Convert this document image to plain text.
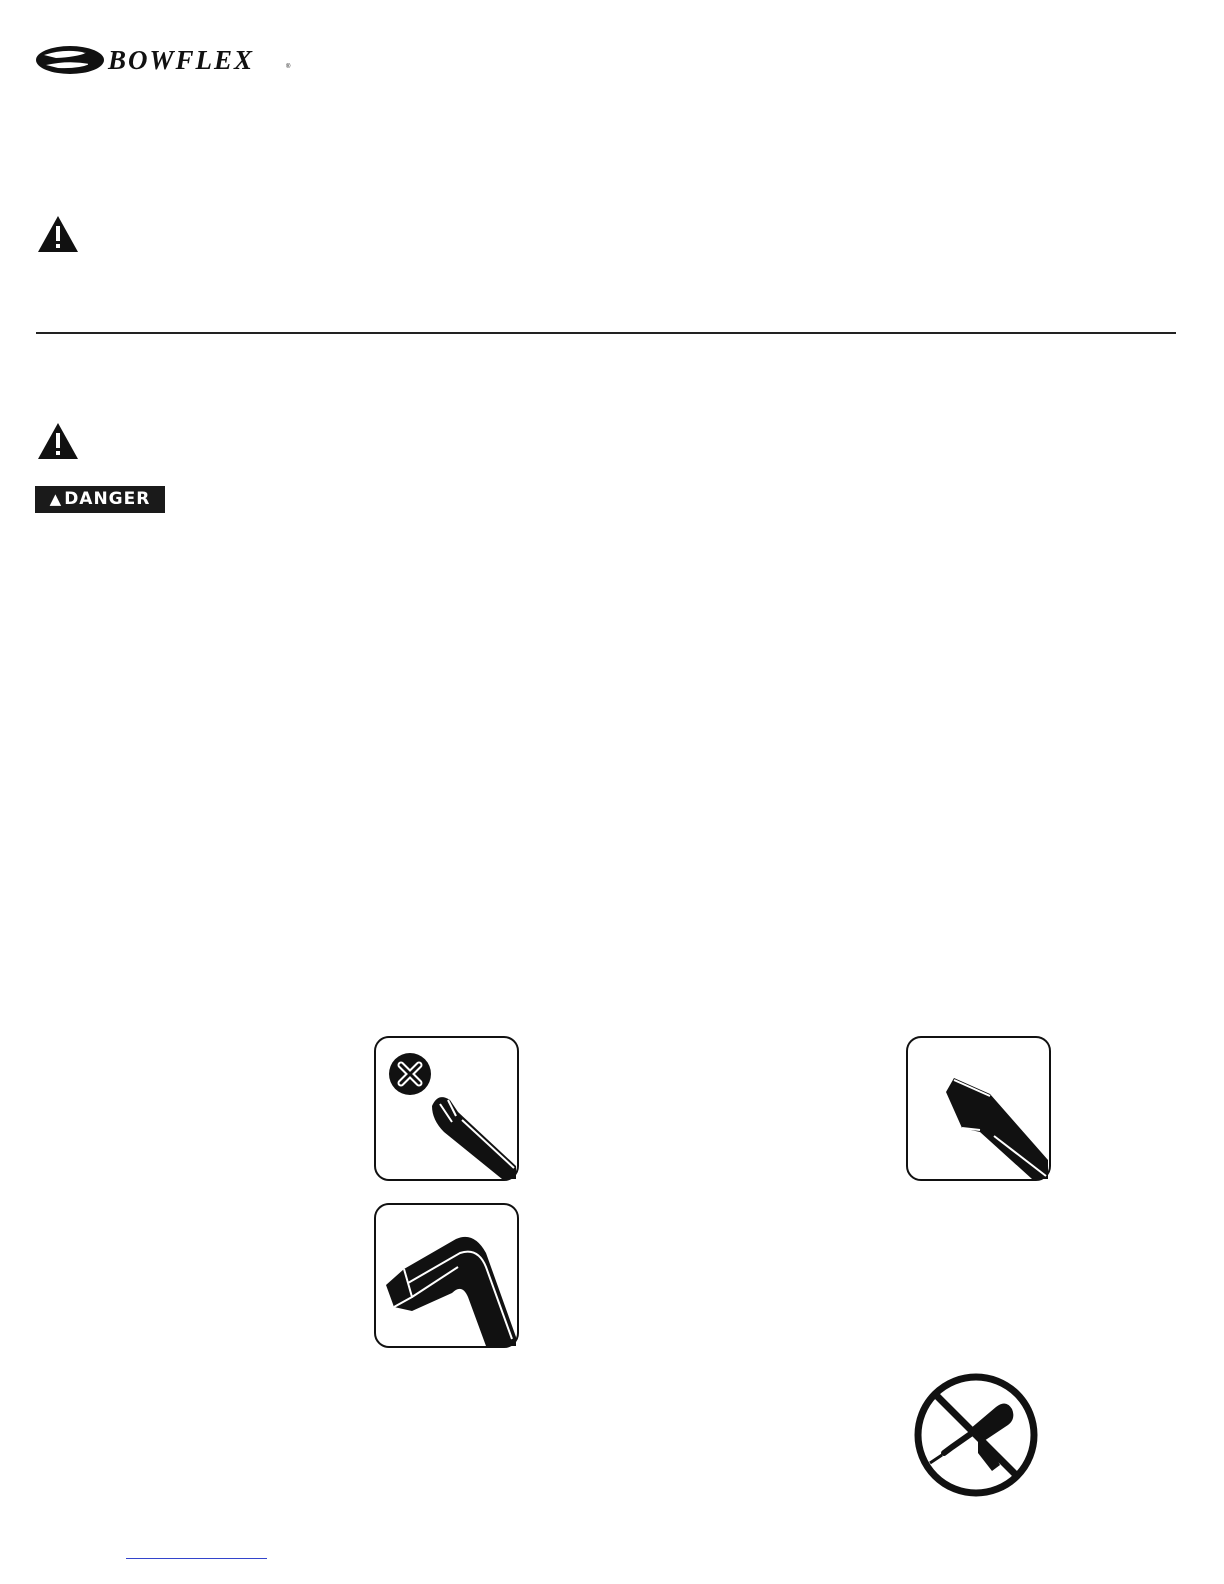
BOWFLEX	®
▲ DANGER
